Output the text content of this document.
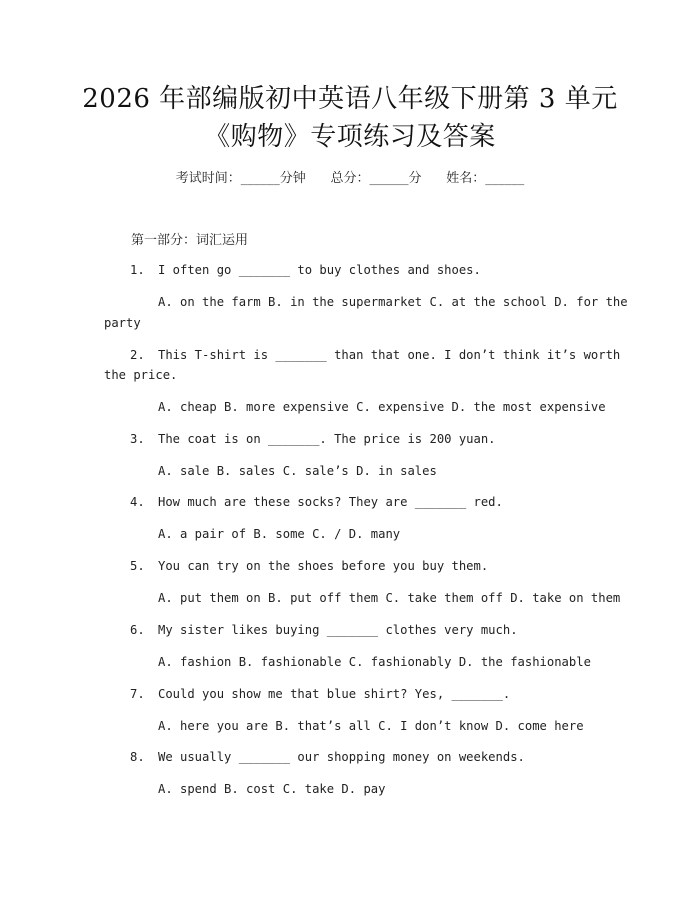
2026 年部编版初中英语八年级下册第 3 单元
《购物》专项练习及答案
考试时间：______分钟      总分：______分      姓名：______
第一部分：词汇运用
1. I often go _______ to buy clothes and shoes.
A. on the farm B. in the supermarket C. at the school D. for the
party
2. This T-shirt is _______ than that one. I don’t think it’s worth
the price.
A. cheap B. more expensive C. expensive D. the most expensive
3. The coat is on _______. The price is 200 yuan.
A. sale B. sales C. sale’s D. in sales
4. How much are these socks? They are _______ red.
A. a pair of B. some C. / D. many
5. You can try on the shoes before you buy them.
A. put them on B. put off them C. take them off D. take on them
6. My sister likes buying _______ clothes very much.
A. fashion B. fashionable C. fashionably D. the fashionable
7. Could you show me that blue shirt? Yes, _______.
A. here you are B. that’s all C. I don’t know D. come here
8. We usually _______ our shopping money on weekends.
A. spend B. cost C. take D. pay
